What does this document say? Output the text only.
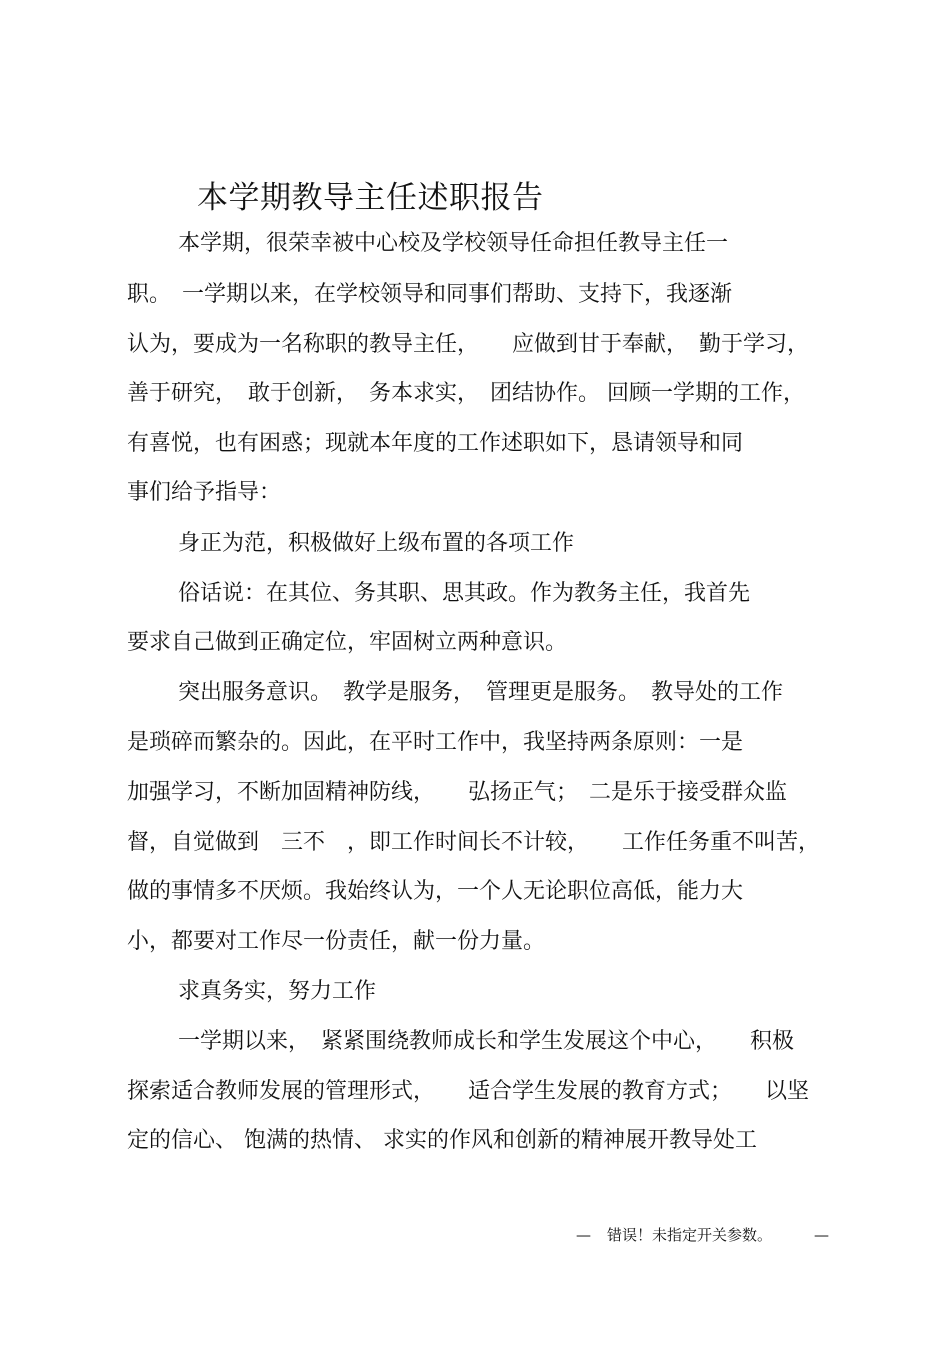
本学期教导主任述职报告
本学期，很荣幸被中心校及学校领导任命担任教导主任一
职。　一学期以来，在学校领导和同事们帮助、支持下，我逐渐
认为，要成为一名称职的教导主任，　　应做到甘于奉献，　勤于学习，
善于研究，　敢于创新，　务本求实，　团结协作。 回顾一学期的工作，
有喜悦，也有困惑；现就本年度的工作述职如下，恳请领导和同
事们给予指导：
身正为范，积极做好上级布置的各项工作
俗话说：在其位、务其职、思其政。作为教务主任，我首先
要求自己做到正确定位，牢固树立两种意识。
突出服务意识。　教学是服务，　管理更是服务。　教导处的工作
是琐碎而繁杂的。因此，在平时工作中，我坚持两条原则：一是
加强学习，不断加固精神防线，　　弘扬正气；　二是乐于接受群众监
督，自觉做到　三不　，即工作时间长不计较，　　工作任务重不叫苦，
做的事情多不厌烦。我始终认为，一个人无论职位高低，能力大
小，都要对工作尽一份责任，献一份力量。
求真务实，努力工作
一学期以来，　紧紧围绕教师成长和学生发展这个中心，　　积极
探索适合教师发展的管理形式，　　适合学生发展的教育方式；　　以坚
定的信心、 饱满的热情、 求实的作风和创新的精神展开教导处工
— 错误！未指定开关参数。	—
